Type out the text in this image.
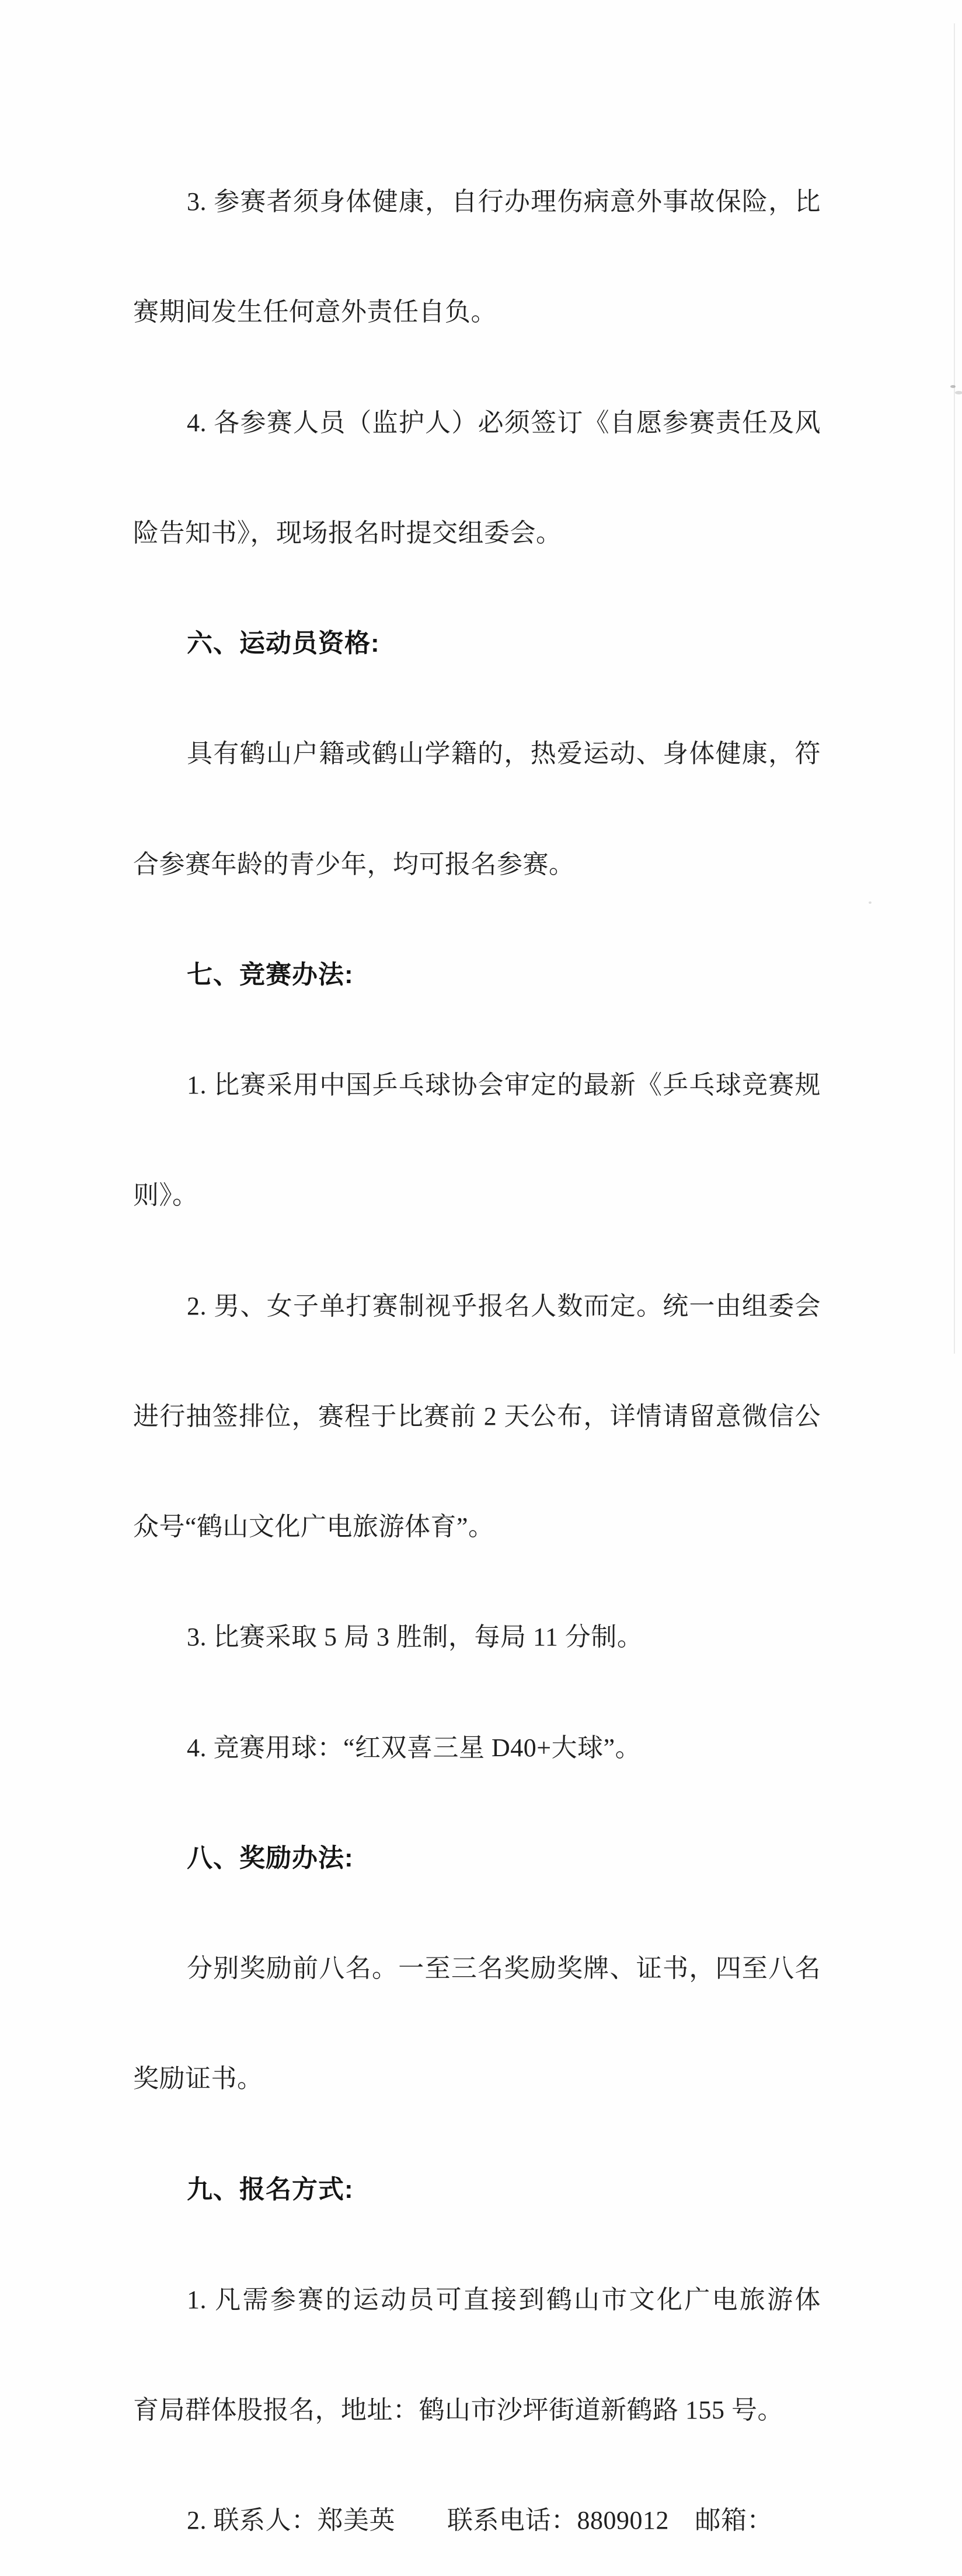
3. 参赛者须身体健康，自行办理伤病意外事故保险，比

赛期间发生任何意外责任自负。

4. 各参赛人员（监护人）必须签订《自愿参赛责任及风

险告知书》，现场报名时提交组委会。

六、运动员资格:

具有鹤山户籍或鹤山学籍的，热爱运动、身体健康，符

合参赛年龄的青少年，均可报名参赛。

七、竞赛办法:

1. 比赛采用中国乒乓球协会审定的最新《乒乓球竞赛规

则》。

2. 男、女子单打赛制视乎报名人数而定。统一由组委会

进行抽签排位，赛程于比赛前 2 天公布，详情请留意微信公

众号“鹤山文化广电旅游体育”。

3. 比赛采取 5 局 3 胜制，每局 11 分制。

4. 竞赛用球：“红双喜三星 D40+大球”。

八、奖励办法:

分别奖励前八名。一至三名奖励奖牌、证书，四至八名

奖励证书。

九、报名方式:

1. 凡需参赛的运动员可直接到鹤山市文化广电旅游体

育局群体股报名，地址：鹤山市沙坪街道新鹤路 155 号。

2. 联系人：郑美英　　联系电话：8809012　邮箱：
